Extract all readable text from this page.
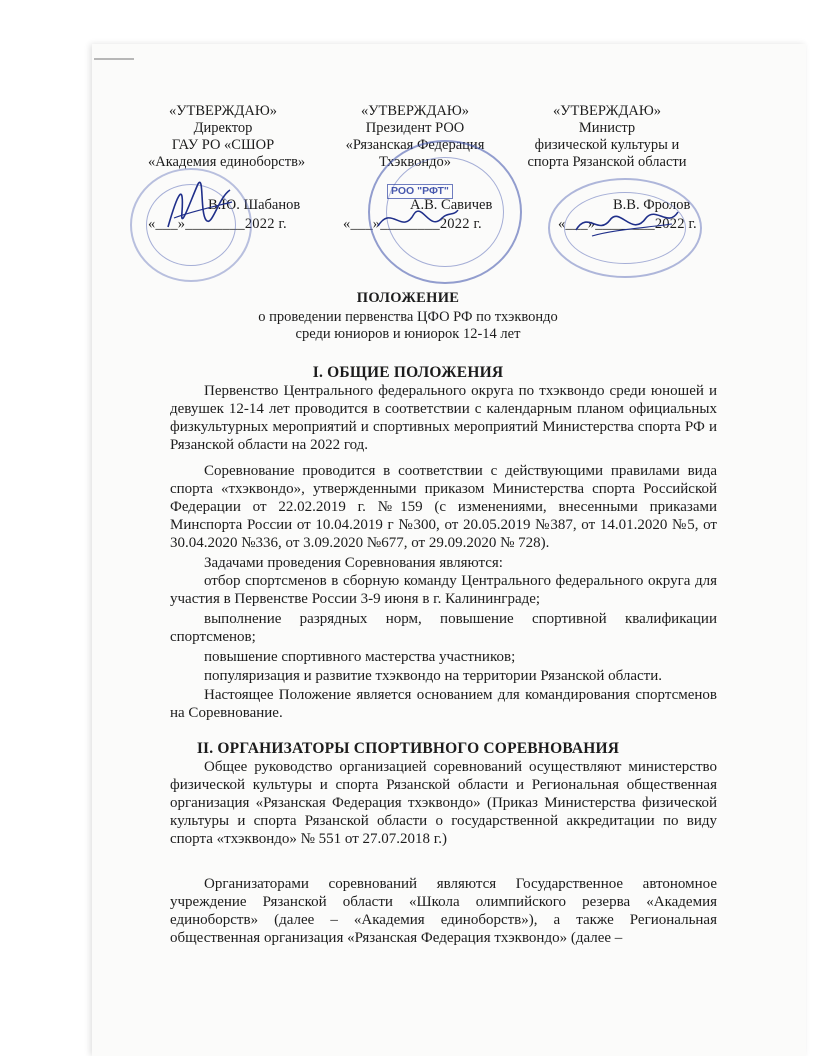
«УТВЕРЖДАЮ»
Директор
ГАУ РО «СШОР
«Академия единоборств»
В.Ю. Шабанов
«___»________2022 г.
«УТВЕРЖДАЮ»
Президент РОО
«Рязанская Федерация
Тхэквондо»
А.В. Савичев
«___»________2022 г.
«УТВЕРЖДАЮ»
Министр
физической культуры и
спорта Рязанской области
В.В. Фролов
«___»________2022 г.
РОО "РФТ"
ПОЛОЖЕНИЕ
о проведении первенства ЦФО РФ по тхэквондо
среди юниоров и юниорок 12-14 лет
I. ОБЩИЕ ПОЛОЖЕНИЯ
Первенство Центрального федерального округа по тхэквондо среди юношей и девушек 12-14 лет проводится в соответствии с календарным планом официальных физкультурных мероприятий и спортивных мероприятий Министерства спорта РФ и Рязанской области на 2022 год.
Соревнование проводится в соответствии с действующими правилами вида спорта «тхэквондо», утвержденными приказом Министерства спорта Российской Федерации от 22.02.2019 г. №159 (с изменениями, внесенными приказами Минспорта России от 10.04.2019 г №300, от 20.05.2019 №387, от 14.01.2020 №5, от 30.04.2020 №336, от 3.09.2020 №677, от 29.09.2020 № 728).
Задачами проведения Соревнования являются:
отбор спортсменов в сборную команду Центрального федерального округа для участия в Первенстве России 3-9 июня в г. Калининграде;
выполнение разрядных норм, повышение спортивной квалификации спортсменов;
повышение спортивного мастерства участников;
популяризация и развитие тхэквондо на территории Рязанской области.
Настоящее Положение является основанием для командирования спортсменов на Соревнование.
II. ОРГАНИЗАТОРЫ СПОРТИВНОГО СОРЕВНОВАНИЯ
Общее руководство организацией соревнований осуществляют министерство физической культуры и спорта Рязанской области и Региональная общественная организация «Рязанская Федерация тхэквондо» (Приказ Министерства физической культуры и спорта Рязанской области о государственной аккредитации по виду спорта «тхэквондо» № 551 от 27.07.2018 г.)
Организаторами соревнований являются Государственное автономное учреждение Рязанской области «Школа олимпийского резерва «Академия единоборств» (далее – «Академия единоборств»), а также Региональная общественная организация «Рязанская Федерация тхэквондо» (далее –
